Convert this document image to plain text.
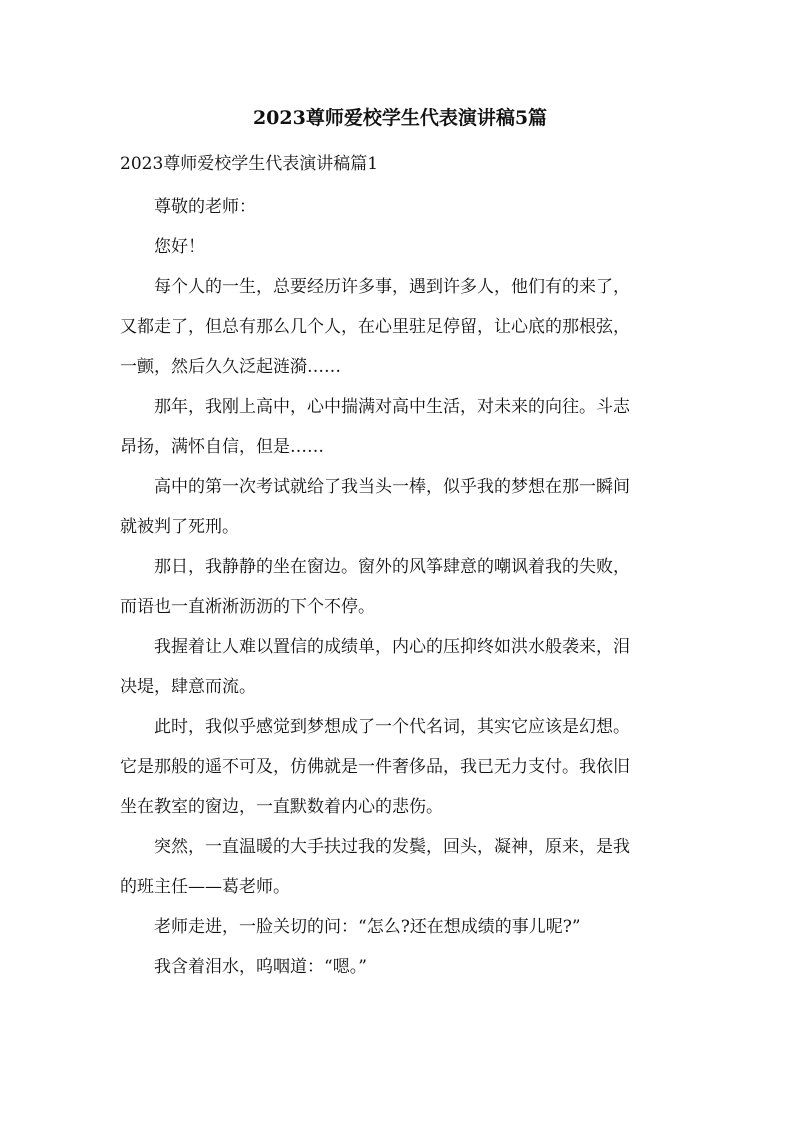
2023尊师爱校学生代表演讲稿5篇
2023尊师爱校学生代表演讲稿篇1

尊敬的老师：

您好！

每个人的一生，总要经历许多事，遇到许多人，他们有的来了，
又都走了，但总有那么几个人，在心里驻足停留，让心底的那根弦，
一颤，然后久久泛起涟漪……

那年，我刚上高中，心中揣满对高中生活，对未来的向往。斗志
昂扬，满怀自信，但是……

高中的第一次考试就给了我当头一棒，似乎我的梦想在那一瞬间
就被判了死刑。

那日，我静静的坐在窗边。窗外的风筝肆意的嘲讽着我的失败，
而语也一直淅淅沥沥的下个不停。

我握着让人难以置信的成绩单，内心的压抑终如洪水般袭来，泪
决堤，肆意而流。

此时，我似乎感觉到梦想成了一个代名词，其实它应该是幻想。
它是那般的遥不可及，仿佛就是一件奢侈品，我已无力支付。我依旧
坐在教室的窗边，一直默数着内心的悲伤。

突然，一直温暖的大手扶过我的发鬓，回头，凝神，原来，是我
的班主任——葛老师。

老师走进，一脸关切的问：“怎么?还在想成绩的事儿呢?”

我含着泪水，呜咽道：“嗯。”
